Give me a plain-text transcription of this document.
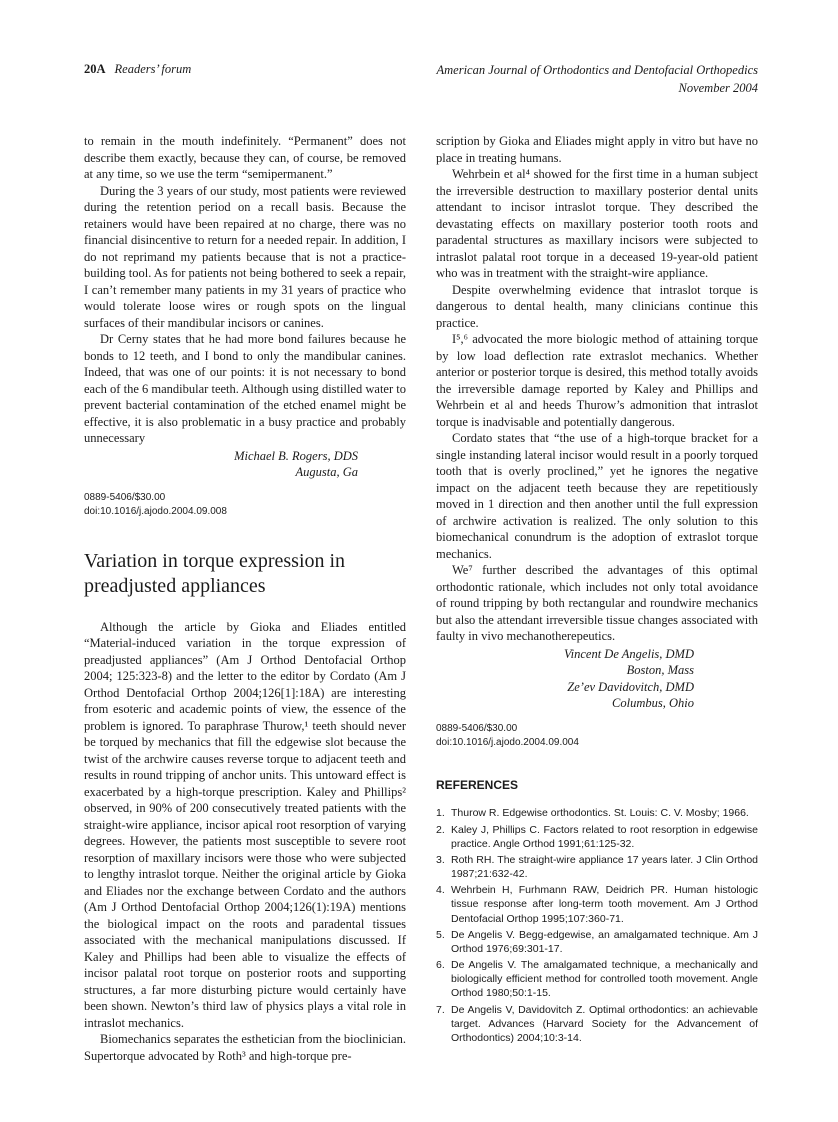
20A Readers’ forum	American Journal of Orthodontics and Dentofacial Orthopedics
November 2004

to remain in the mouth indefinitely. “Permanent” does not describe them exactly, because they can, of course, be removed at any time, so we use the term “semipermanent.”

During the 3 years of our study, most patients were reviewed during the retention period on a recall basis. Because the retainers would have been repaired at no charge, there was no financial disincentive to return for a needed repair. In addition, I do not reprimand my patients because that is not a practice-building tool. As for patients not being bothered to seek a repair, I can’t remember many patients in my 31 years of practice who would tolerate loose wires or rough spots on the lingual surfaces of their mandibular incisors or canines.

Dr Cerny states that he had more bond failures because he bonds to 12 teeth, and I bond to only the mandibular canines. Indeed, that was one of our points: it is not necessary to bond each of the 6 mandibular teeth. Although using distilled water to prevent bacterial contamination of the etched enamel might be effective, it is also problematic in a busy practice and probably unnecessary

Michael B. Rogers, DDS
Augusta, Ga
0889-5406/$30.00
doi:10.1016/j.ajodo.2004.09.008
Variation in torque expression in preadjusted appliances

Although the article by Gioka and Eliades entitled “Material-induced variation in the torque expression of preadjusted appliances” (Am J Orthod Dentofacial Orthop 2004; 125:323-8) and the letter to the editor by Cordato (Am J Orthod Dentofacial Orthop 2004;126[1]:18A) are interesting from esoteric and academic points of view, the essence of the problem is ignored. To paraphrase Thurow,¹ teeth should never be torqued by mechanics that fill the edgewise slot because the twist of the archwire causes reverse torque to adjacent teeth and results in round tripping of anchor units. This untoward effect is exacerbated by a high-torque prescription. Kaley and Phillips² observed, in 90% of 200 consecutively treated patients with the straight-wire appliance, incisor apical root resorption of varying degrees. However, the patients most susceptible to severe root resorption of maxillary incisors were those who were subjected to lengthy intraslot torque. Neither the original article by Gioka and Eliades nor the exchange between Cordato and the authors (Am J Orthod Dentofacial Orthop 2004;126(1):19A) mentions the biological impact on the roots and paradental tissues associated with the mechanical manipulations discussed. If Kaley and Phillips had been able to visualize the effects of incisor palatal root torque on posterior roots and supporting structures, a far more disturbing picture would certainly have been shown. Newton’s third law of physics plays a vital role in intraslot mechanics.

Biomechanics separates the esthetician from the bioclinician. Supertorque advocated by Roth³ and high-torque pre-

scription by Gioka and Eliades might apply in vitro but have no place in treating humans.

Wehrbein et al⁴ showed for the first time in a human subject the irreversible destruction to maxillary posterior dental units attendant to incisor intraslot torque. They described the devastating effects on maxillary posterior tooth roots and paradental structures as maxillary incisors were subjected to intraslot palatal root torque in a deceased 19-year-old patient who was in treatment with the straight-wire appliance.

Despite overwhelming evidence that intraslot torque is dangerous to dental health, many clinicians continue this practice.

I⁵,⁶ advocated the more biologic method of attaining torque by low load deflection rate extraslot mechanics. Whether anterior or posterior torque is desired, this method totally avoids the irreversible damage reported by Kaley and Phillips and Wehrbein et al and heeds Thurow’s admonition that intraslot torque is inadvisable and potentially dangerous.

Cordato states that “the use of a high-torque bracket for a single instanding lateral incisor would result in a poorly torqued tooth that is overly proclined,” yet he ignores the negative impact on the adjacent teeth because they are repetitiously moved in 1 direction and then another until the full expression of archwire activation is realized. The only solution to this biomechanical conundrum is the adoption of extraslot torque mechanics.

We⁷ further described the advantages of this optimal orthodontic rationale, which includes not only total avoidance of round tripping by both rectangular and roundwire mechanics but also the attendant irreversible tissue changes associated with faulty in vivo mechanotherepeutics.

Vincent De Angelis, DMD
Boston, Mass
Ze’ev Davidovitch, DMD
Columbus, Ohio
0889-5406/$30.00
doi:10.1016/j.ajodo.2004.09.004
REFERENCES
1. Thurow R. Edgewise orthodontics. St. Louis: C. V. Mosby; 1966.
2. Kaley J, Phillips C. Factors related to root resorption in edgewise practice. Angle Orthod 1991;61:125-32.
3. Roth RH. The straight-wire appliance 17 years later. J Clin Orthod 1987;21:632-42.
4. Wehrbein H, Furhmann RAW, Deidrich PR. Human histologic tissue response after long-term tooth movement. Am J Orthod Dentofacial Orthop 1995;107:360-71.
5. De Angelis V. Begg-edgewise, an amalgamated technique. Am J Orthod 1976;69:301-17.
6. De Angelis V. The amalgamated technique, a mechanically and biologically efficient method for controlled tooth movement. Angle Orthod 1980;50:1-15.
7. De Angelis V, Davidovitch Z. Optimal orthodontics: an achievable target. Advances (Harvard Society for the Advancement of Orthodontics) 2004;10:3-14.
